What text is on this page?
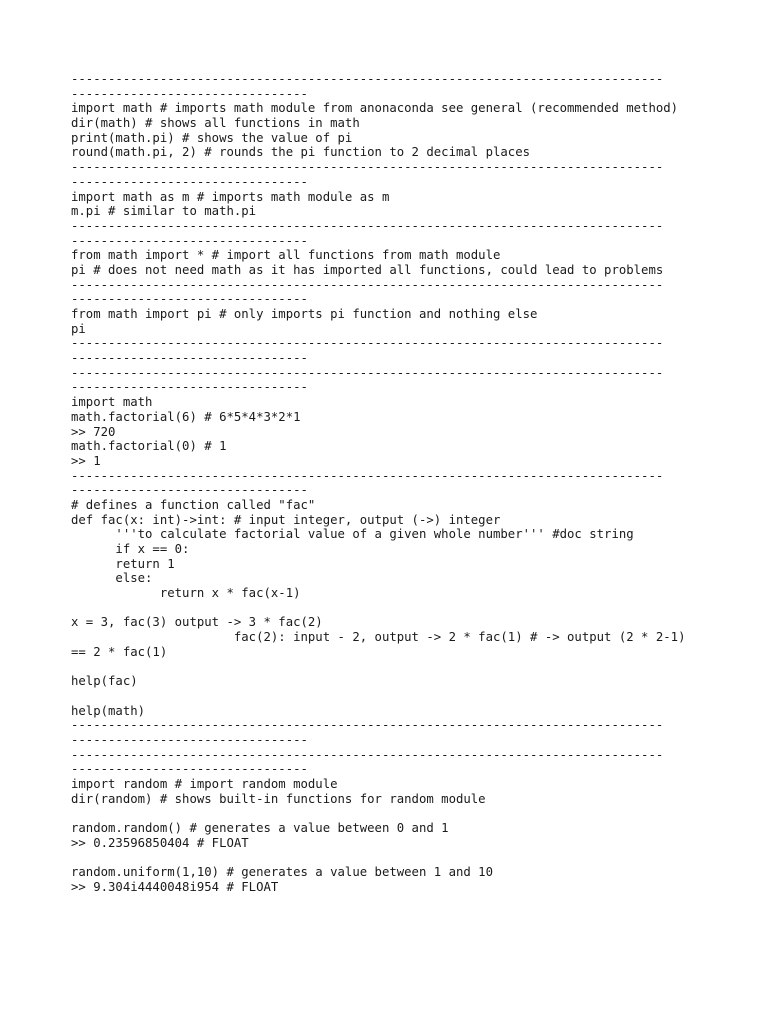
--------------------------------------------------------------------------------
--------------------------------
import math # imports math module from anonaconda see general (recommended method)
dir(math) # shows all functions in math
print(math.pi) # shows the value of pi
round(math.pi, 2) # rounds the pi function to 2 decimal places
--------------------------------------------------------------------------------
--------------------------------
import math as m # imports math module as m
m.pi # similar to math.pi
--------------------------------------------------------------------------------
--------------------------------
from math import * # import all functions from math module
pi # does not need math as it has imported all functions, could lead to problems
--------------------------------------------------------------------------------
--------------------------------
from math import pi # only imports pi function and nothing else
pi
--------------------------------------------------------------------------------
--------------------------------
--------------------------------------------------------------------------------
--------------------------------
import math
math.factorial(6) # 6*5*4*3*2*1
>> 720
math.factorial(0) # 1
>> 1
--------------------------------------------------------------------------------
--------------------------------
# defines a function called "fac"
def fac(x: int)->int: # input integer, output (->) integer
'''to calculate factorial value of a given whole number''' #doc string
if x == 0:
return 1
else:
return x * fac(x-1)
x = 3, fac(3) output -> 3 * fac(2)
fac(2): input - 2, output -> 2 * fac(1) # -> output (2 * 2-1)
== 2 * fac(1)
help(fac)
help(math)
--------------------------------------------------------------------------------
--------------------------------
--------------------------------------------------------------------------------
--------------------------------
import random # import random module
dir(random) # shows built-in functions for random module
random.random() # generates a value between 0 and 1
>> 0.23596850404 # FLOAT
random.uniform(1,10) # generates a value between 1 and 10
>> 9.304i4440048i954 # FLOAT
